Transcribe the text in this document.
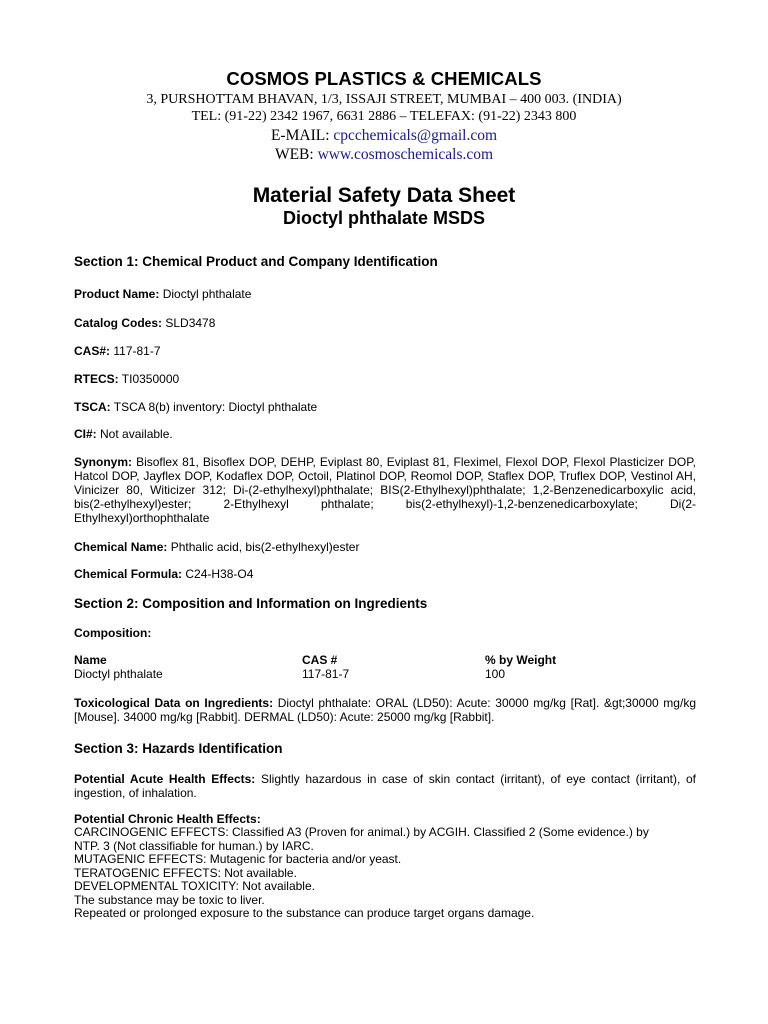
COSMOS PLASTICS & CHEMICALS
3, PURSHOTTAM BHAVAN, 1/3, ISSAJI STREET, MUMBAI – 400 003. (INDIA)
TEL: (91-22) 2342 1967, 6631 2886 – TELEFAX: (91-22) 2343 800
E-MAIL: cpcchemicals@gmail.com
WEB: www.cosmoschemicals.com
Material Safety Data Sheet
Dioctyl phthalate MSDS
Section 1: Chemical Product and Company Identification
Product Name: Dioctyl phthalate
Catalog Codes: SLD3478
CAS#: 117-81-7
RTECS: TI0350000
TSCA: TSCA 8(b) inventory: Dioctyl phthalate
CI#: Not available.
Synonym: Bisoflex 81, Bisoflex DOP, DEHP, Eviplast 80, Eviplast 81, Fleximel, Flexol DOP, Flexol Plasticizer DOP, Hatcol DOP, Jayflex DOP, Kodaflex DOP, Octoil, Platinol DOP, Reomol DOP, Staflex DOP, Truflex DOP, Vestinol AH, Vinicizer 80, Witicizer 312; Di-(2-ethylhexyl)phthalate; BIS(2-Ethylhexyl)phthalate; 1,2-Benzenedicarboxylic acid, bis(2-ethylhexyl)ester; 2-Ethylhexyl phthalate; bis(2-ethylhexyl)-1,2-benzenedicarboxylate; Di(2-Ethylhexyl)orthophthalate
Chemical Name: Phthalic acid, bis(2-ethylhexyl)ester
Chemical Formula: C24-H38-O4
Section 2: Composition and Information on Ingredients
Composition:
Name	CAS #	% by Weight
Dioctyl phthalate	117-81-7	100
Toxicological Data on Ingredients: Dioctyl phthalate: ORAL (LD50): Acute: 30000 mg/kg [Rat]. &gt;30000 mg/kg [Mouse]. 34000 mg/kg [Rabbit]. DERMAL (LD50): Acute: 25000 mg/kg [Rabbit].
Section 3: Hazards Identification
Potential Acute Health Effects: Slightly hazardous in case of skin contact (irritant), of eye contact (irritant), of ingestion, of inhalation.
Potential Chronic Health Effects:
CARCINOGENIC EFFECTS: Classified A3 (Proven for animal.) by ACGIH. Classified 2 (Some evidence.) by
NTP. 3 (Not classifiable for human.) by IARC.
MUTAGENIC EFFECTS: Mutagenic for bacteria and/or yeast.
TERATOGENIC EFFECTS: Not available.
DEVELOPMENTAL TOXICITY: Not available.
The substance may be toxic to liver.
Repeated or prolonged exposure to the substance can produce target organs damage.
